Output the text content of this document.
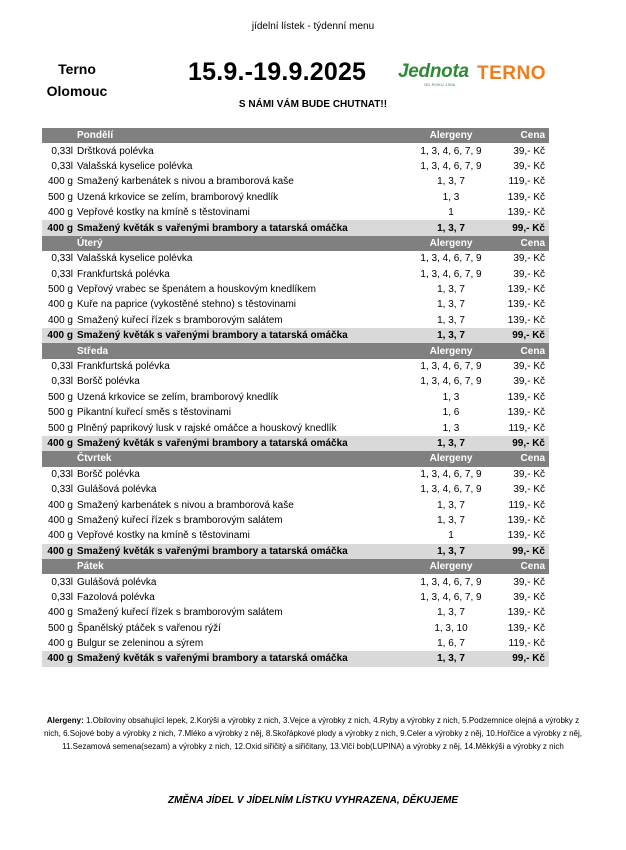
jídelní lístek - týdenní menu
Terno
Olomouc
15.9.-19.9.2025 Jednota
OD ROKU 1908
TERNO
S NÁMI VÁM BUDE CHUTNAT!!
	Pondělí	Alergeny	Cena
0,33l	Drštková polévka	1, 3, 4, 6, 7, 9	39,- Kč
0,33l	Valašská kyselice polévka	1, 3, 4, 6, 7, 9	39,- Kč
400 g	Smažený karbenátek s nivou a bramborová kaše	1, 3, 7	119,- Kč
500 g	Uzená krkovice se zelím, bramborový knedlík	1, 3	139,- Kč
400 g	Vepřové kostky na kmíně s těstovinami	1	139,- Kč
400 g	Smažený květák s vařenými brambory a tatarská omáčka	1, 3, 7	99,- Kč
	Úterý	Alergeny	Cena
0,33l	Valašská kyselice polévka	1, 3, 4, 6, 7, 9	39,- Kč
0,33l	Frankfurtská polévka	1, 3, 4, 6, 7, 9	39,- Kč
500 g	Vepřový vrabec se špenátem a houskovým knedlíkem	1, 3, 7	139,- Kč
400 g	Kuře na paprice (vykostěné stehno) s těstovinami	1, 3, 7	139,- Kč
400 g	Smažený kuřecí řízek s bramborovým salátem	1, 3, 7	139,- Kč
400 g	Smažený květák s vařenými brambory a tatarská omáčka	1, 3, 7	99,- Kč
	Středa	Alergeny	Cena
0,33l	Frankfurtská polévka	1, 3, 4, 6, 7, 9	39,- Kč
0,33l	Boršč polévka	1, 3, 4, 6, 7, 9	39,- Kč
500 g	Uzená krkovice se zelím, bramborový knedlík	1, 3	139,- Kč
500 g	Pikantní kuřecí směs s těstovinami	1, 6	139,- Kč
500 g	Plněný paprikový lusk v rajské omáčce a houskový knedlík	1, 3	119,- Kč
400 g	Smažený květák s vařenými brambory a tatarská omáčka	1, 3, 7	99,- Kč
	Čtvrtek	Alergeny	Cena
0,33l	Boršč polévka	1, 3, 4, 6, 7, 9	39,- Kč
0,33l	Gulášová polévka	1, 3, 4, 6, 7, 9	39,- Kč
400 g	Smažený karbenátek s nivou a bramborová kaše	1, 3, 7	119,- Kč
400 g	Smažený kuřecí řízek s bramborovým salátem	1, 3, 7	139,- Kč
400 g	Vepřové kostky na kmíně s těstovinami	1	139,- Kč
400 g	Smažený květák s vařenými brambory a tatarská omáčka	1, 3, 7	99,- Kč
	Pátek	Alergeny	Cena
0,33l	Gulášová polévka	1, 3, 4, 6, 7, 9	39,- Kč
0,33l	Fazolová polévka	1, 3, 4, 6, 7, 9	39,- Kč
400 g	Smažený kuřecí řízek s bramborovým salátem	1, 3, 7	139,- Kč
500 g	Španělský ptáček s vařenou rýží	1, 3, 10	139,- Kč
400 g	Bulgur se zeleninou a sýrem	1, 6, 7	119,- Kč
400 g	Smažený květák s vařenými brambory a tatarská omáčka	1, 3, 7	99,- Kč
Alergeny: 1.Obiloviny obsahující lepek, 2.Korýši a výrobky z nich, 3.Vejce a výrobky z nich, 4.Ryby a výrobky z nich, 5.Podzemnice olejná a výrobky z nich, 6.Sojové boby a výrobky z nich, 7.Mléko a výrobky z něj, 8.Skořápkové plody a výrobky z nich, 9.Celer a výrobky z něj, 10.Hořčice a výrobky z něj, 11.Sezamová semena(sezam) a výrobky z nich, 12.Oxid siřičitý a siřičitany, 13.Vlčí bob(LUPINA) a výrobky z něj, 14.Měkkýši a výrobky z nich
ZMĚNA JÍDEL V JÍDELNÍM LÍSTKU VYHRAZENA, DĚKUJEME
